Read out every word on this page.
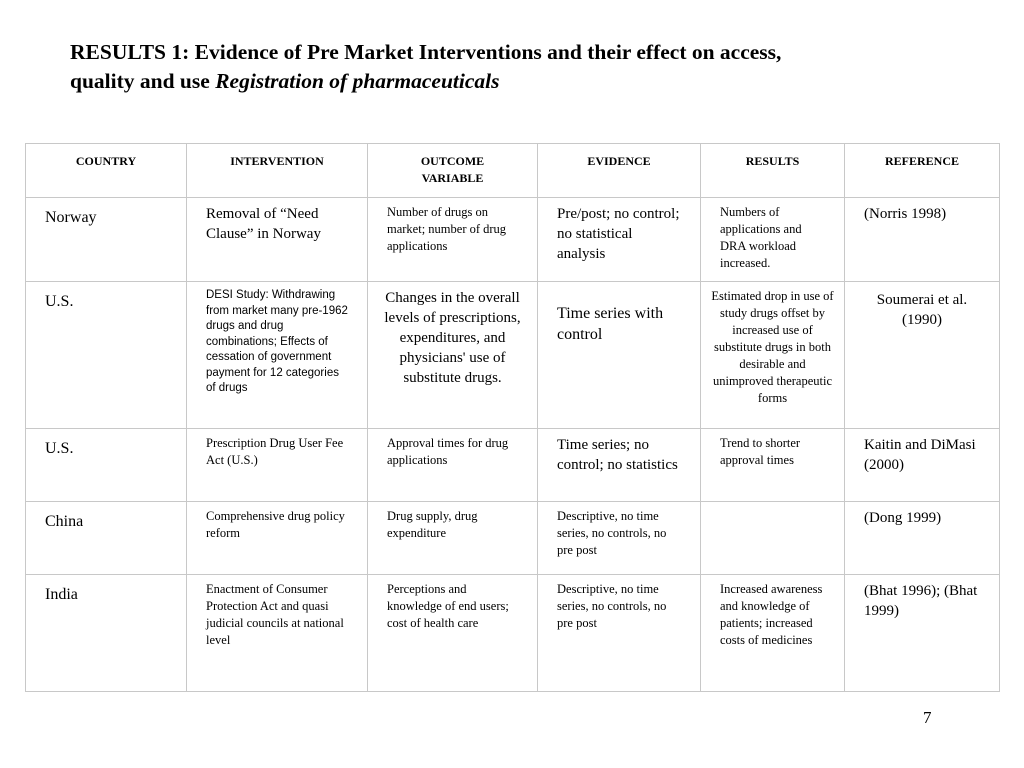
RESULTS 1: Evidence of Pre Market Interventions and their effect on access,
quality and use Registration of pharmaceuticals
COUNTRY	INTERVENTION	OUTCOME VARIABLE	EVIDENCE	RESULTS	REFERENCE
Norway	Removal of “Need Clause” in Norway	Number of drugs on market; number of drug applications	Pre/post; no control; no statistical analysis	Numbers of applications and DRA workload increased.	(Norris 1998)
U.S.	DESI Study: Withdrawing from market many pre-1962 drugs and drug combinations; Effects of cessation of government payment for 12 categories of drugs	Changes in the overall levels of prescriptions, expenditures, and physicians' use of substitute drugs.	Time series with control	Estimated drop in use of study drugs offset by increased use of substitute drugs in both desirable and unimproved therapeutic forms	Soumerai et al. (1990)
U.S.	Prescription Drug User Fee Act (U.S.)	Approval times for drug applications	Time series; no control; no statistics	Trend to shorter approval times	Kaitin and DiMasi (2000)
China	Comprehensive drug policy reform	Drug supply, drug expenditure	Descriptive, no time series, no controls, no pre post		(Dong 1999)
India	Enactment of Consumer Protection Act and quasi judicial councils at national level	Perceptions and knowledge of end users; cost of health care	Descriptive, no time series, no controls, no pre post	Increased awareness and knowledge of patients; increased costs of medicines	(Bhat 1996); (Bhat 1999)
7
